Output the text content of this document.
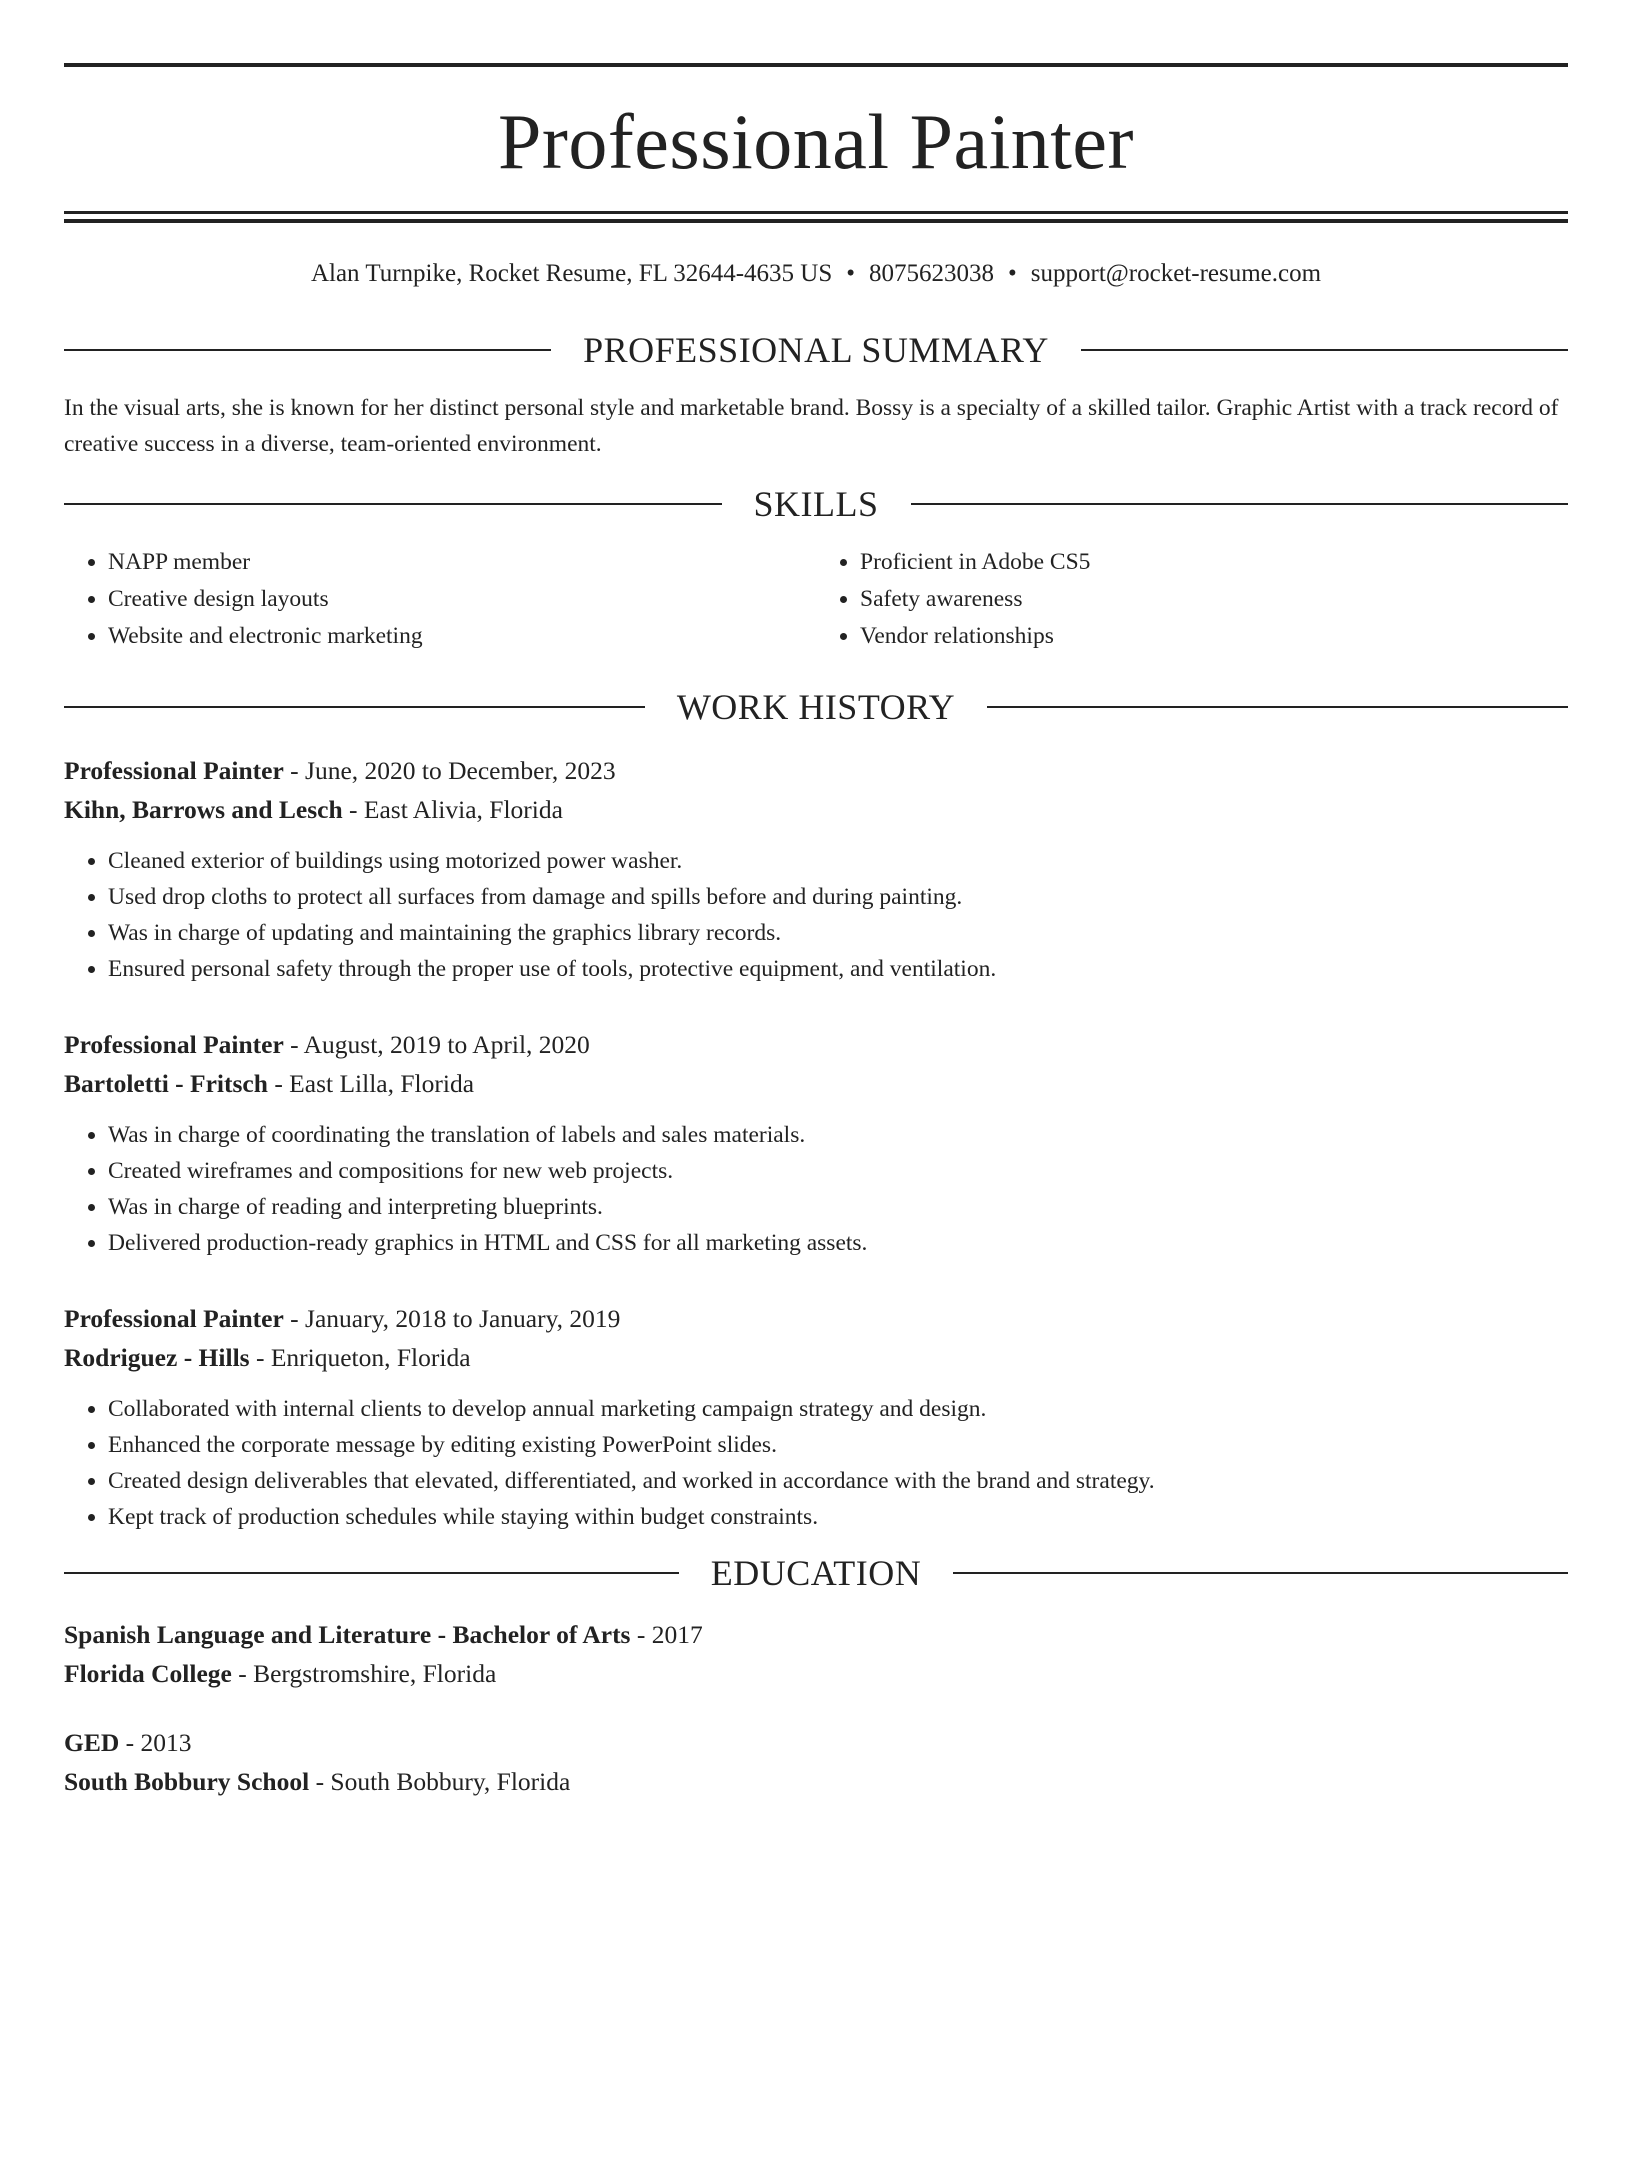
Professional Painter
Alan Turnpike, Rocket Resume, FL 32644-4635 US • 8075623038 • support@rocket-resume.com
PROFESSIONAL SUMMARY

In the visual arts, she is known for her distinct personal style and marketable brand. Bossy is a specialty of a skilled tailor. Graphic Artist with a track record of creative success in a diverse, team-oriented environment.

SKILLS
• NAPP member
• Creative design layouts
• Website and electronic marketing
• Proficient in Adobe CS5
• Safety awareness
• Vendor relationships
WORK HISTORY
Professional Painter - June, 2020 to December, 2023
Kihn, Barrows and Lesch - East Alivia, Florida
• Cleaned exterior of buildings using motorized power washer.
• Used drop cloths to protect all surfaces from damage and spills before and during painting.
• Was in charge of updating and maintaining the graphics library records.
• Ensured personal safety through the proper use of tools, protective equipment, and ventilation.
Professional Painter - August, 2019 to April, 2020
Bartoletti - Fritsch - East Lilla, Florida
• Was in charge of coordinating the translation of labels and sales materials.
• Created wireframes and compositions for new web projects.
• Was in charge of reading and interpreting blueprints.
• Delivered production-ready graphics in HTML and CSS for all marketing assets.
Professional Painter - January, 2018 to January, 2019
Rodriguez - Hills - Enriqueton, Florida
• Collaborated with internal clients to develop annual marketing campaign strategy and design.
• Enhanced the corporate message by editing existing PowerPoint slides.
• Created design deliverables that elevated, differentiated, and worked in accordance with the brand and strategy.
• Kept track of production schedules while staying within budget constraints.
EDUCATION
Spanish Language and Literature - Bachelor of Arts - 2017
Florida College - Bergstromshire, Florida
GED - 2013
South Bobbury School - South Bobbury, Florida
